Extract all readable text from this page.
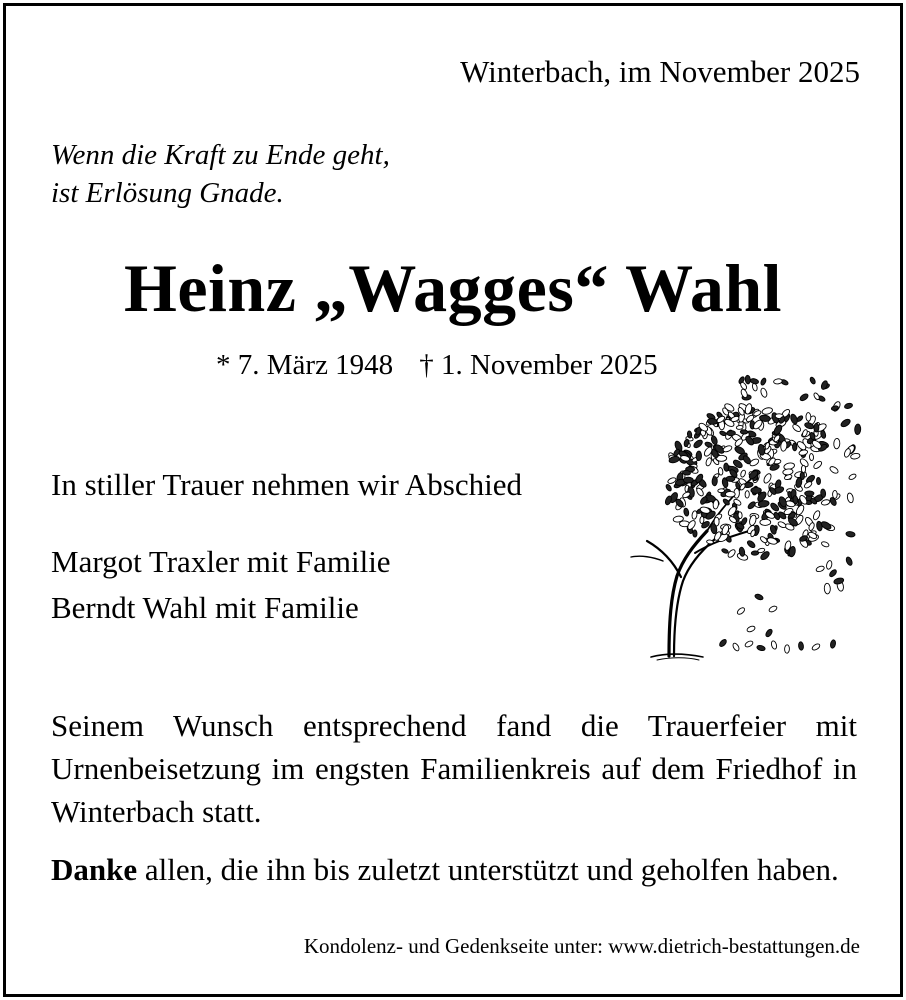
Winterbach, im November 2025
Wenn die Kraft zu Ende geht,
ist Erlösung Gnade.
Heinz „Wagges“ Wahl
* 7. März 1948 † 1. November 2025
In stiller Trauer nehmen wir Abschied
Margot Traxler mit Familie
Berndt Wahl mit Familie
Seinem Wunsch entsprechend fand die Trauerfeier mit Urnenbeisetzung im engsten Familienkreis auf dem Friedhof in Winterbach statt.
Danke allen, die ihn bis zuletzt unterstützt und geholfen haben.
Kondolenz- und Gedenkseite unter: www.dietrich-bestattungen.de
